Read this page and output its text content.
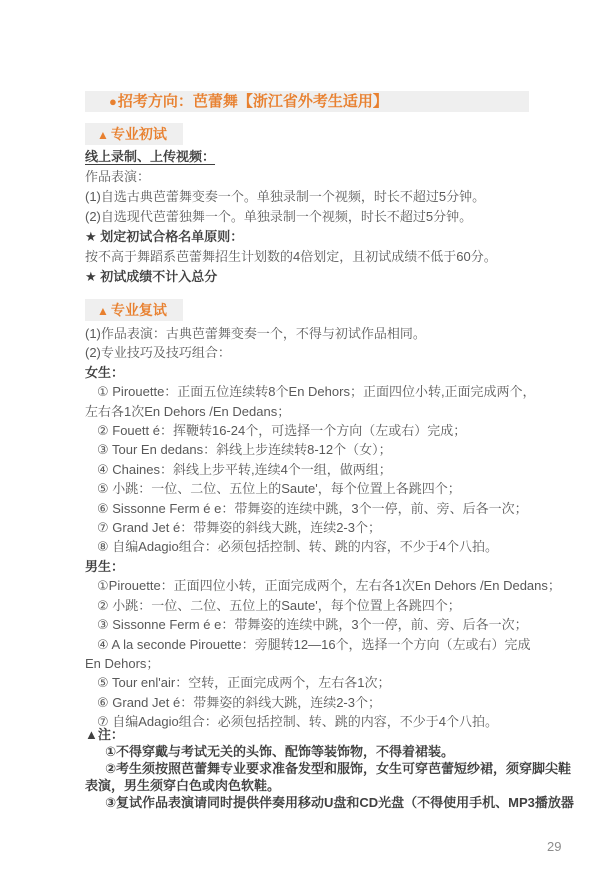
●招考方向：芭蕾舞【浙江省外考生适用】
▲ 专业初试
线上录制、上传视频：
作品表演：
(1)自选古典芭蕾舞变奏一个。单独录制一个视频，时长不超过5分钟。
(2)自选现代芭蕾独舞一个。单独录制一个视频，时长不超过5分钟。
★ 划定初试合格名单原则：
按不高于舞蹈系芭蕾舞招生计划数的4倍划定，且初试成绩不低于60分。
★ 初试成绩不计入总分
▲ 专业复试
(1)作品表演：古典芭蕾舞变奏一个，不得与初试作品相同。
(2)专业技巧及技巧组合：
女生：
① Pirouette：正面五位连续转8个En Dehors；正面四位小转,正面完成两个，
左右各1次En Dehors /En Dedans；
② Fouett é：挥鞭转16-24个，可选择一个方向（左或右）完成；
③ Tour En dedans：斜线上步连续转8-12个（女）；
④ Chaines：斜线上步平转,连续4个一组，做两组；
⑤ 小跳：一位、二位、五位上的Saute'，每个位置上各跳四个；
⑥ Sissonne Ferm é e：带舞姿的连续中跳，3个一停，前、旁、后各一次；
⑦ Grand Jet é：带舞姿的斜线大跳，连续2-3个；
⑧ 自编Adagio组合：必须包括控制、转、跳的内容，不少于4个八拍。
男生：
①Pirouette：正面四位小转，正面完成两个，左右各1次En Dehors /En Dedans；
② 小跳：一位、二位、五位上的Saute'，每个位置上各跳四个；
③ Sissonne Ferm é e：带舞姿的连续中跳，3个一停，前、旁、后各一次；
④ A la seconde Pirouette：旁腿转12—16个，选择一个方向（左或右）完成
En Dehors；
⑤ Tour enl'air：空转，正面完成两个，左右各1次；
⑥ Grand Jet é：带舞姿的斜线大跳，连续2-3个；
⑦ 自编Adagio组合：必须包括控制、转、跳的内容，不少于4个八拍。
▲注：
①不得穿戴与考试无关的头饰、配饰等装饰物，不得着裙装。
②考生须按照芭蕾舞专业要求准备发型和服饰，女生可穿芭蕾短纱裙，须穿脚尖鞋
表演，男生须穿白色或肉色软鞋。
③复试作品表演请同时提供伴奏用移动U盘和CD光盘（不得使用手机、MP3播放器
29
